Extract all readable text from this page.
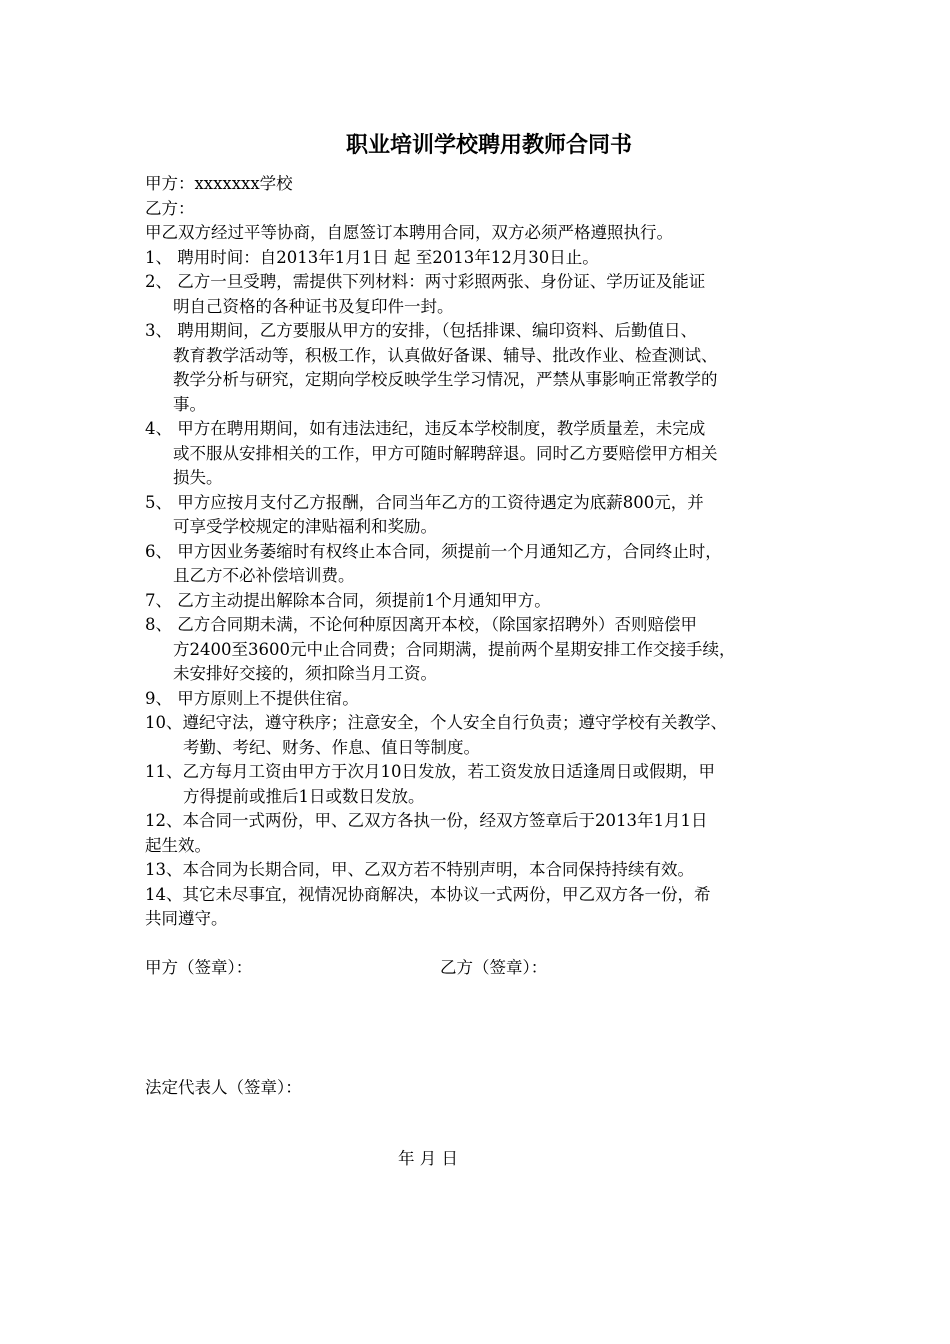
职业培训学校聘用教师合同书
甲方：xxxxxxx学校
乙方：
甲乙双方经过平等协商，自愿签订本聘用合同，双方必须严格遵照执行。
1、 聘用时间：自2013年1月1日 起 至2013年12月30日止。
2、 乙方一旦受聘，需提供下列材料：两寸彩照两张、身份证、学历证及能证
明自己资格的各种证书及复印件一封。
3、 聘用期间，乙方要服从甲方的安排，（包括排课、编印资料、后勤值日、
教育教学活动等，积极工作，认真做好备课、辅导、批改作业、检查测试、
教学分析与研究，定期向学校反映学生学习情况，严禁从事影响正常教学的
事。
4、 甲方在聘用期间，如有违法违纪，违反本学校制度，教学质量差，未完成
或不服从安排相关的工作，甲方可随时解聘辞退。同时乙方要赔偿甲方相关
损失。
5、 甲方应按月支付乙方报酬，合同当年乙方的工资待遇定为底薪800元，并
可享受学校规定的津贴福利和奖励。
6、 甲方因业务萎缩时有权终止本合同，须提前一个月通知乙方，合同终止时，
且乙方不必补偿培训费。
7、 乙方主动提出解除本合同，须提前1个月通知甲方。
8、 乙方合同期未满，不论何种原因离开本校，（除国家招聘外）否则赔偿甲
方2400至3600元中止合同费；合同期满，提前两个星期安排工作交接手续，
未安排好交接的，须扣除当月工资。
9、 甲方原则上不提供住宿。
10、遵纪守法，遵守秩序；注意安全，个人安全自行负责；遵守学校有关教学、
考勤、考纪、财务、作息、值日等制度。
11、乙方每月工资由甲方于次月10日发放，若工资发放日适逢周日或假期，甲
方得提前或推后1日或数日发放。
12、本合同一式两份，甲、乙双方各执一份，经双方签章后于2013年1月1日
起生效。
13、本合同为长期合同，甲、乙双方若不特别声明，本合同保持持续有效。
14、其它未尽事宜，视情况协商解决，本协议一式两份，甲乙双方各一份，希
共同遵守。
甲方（签章）：	乙方（签章）：
法定代表人（签章）：
年 月 日
